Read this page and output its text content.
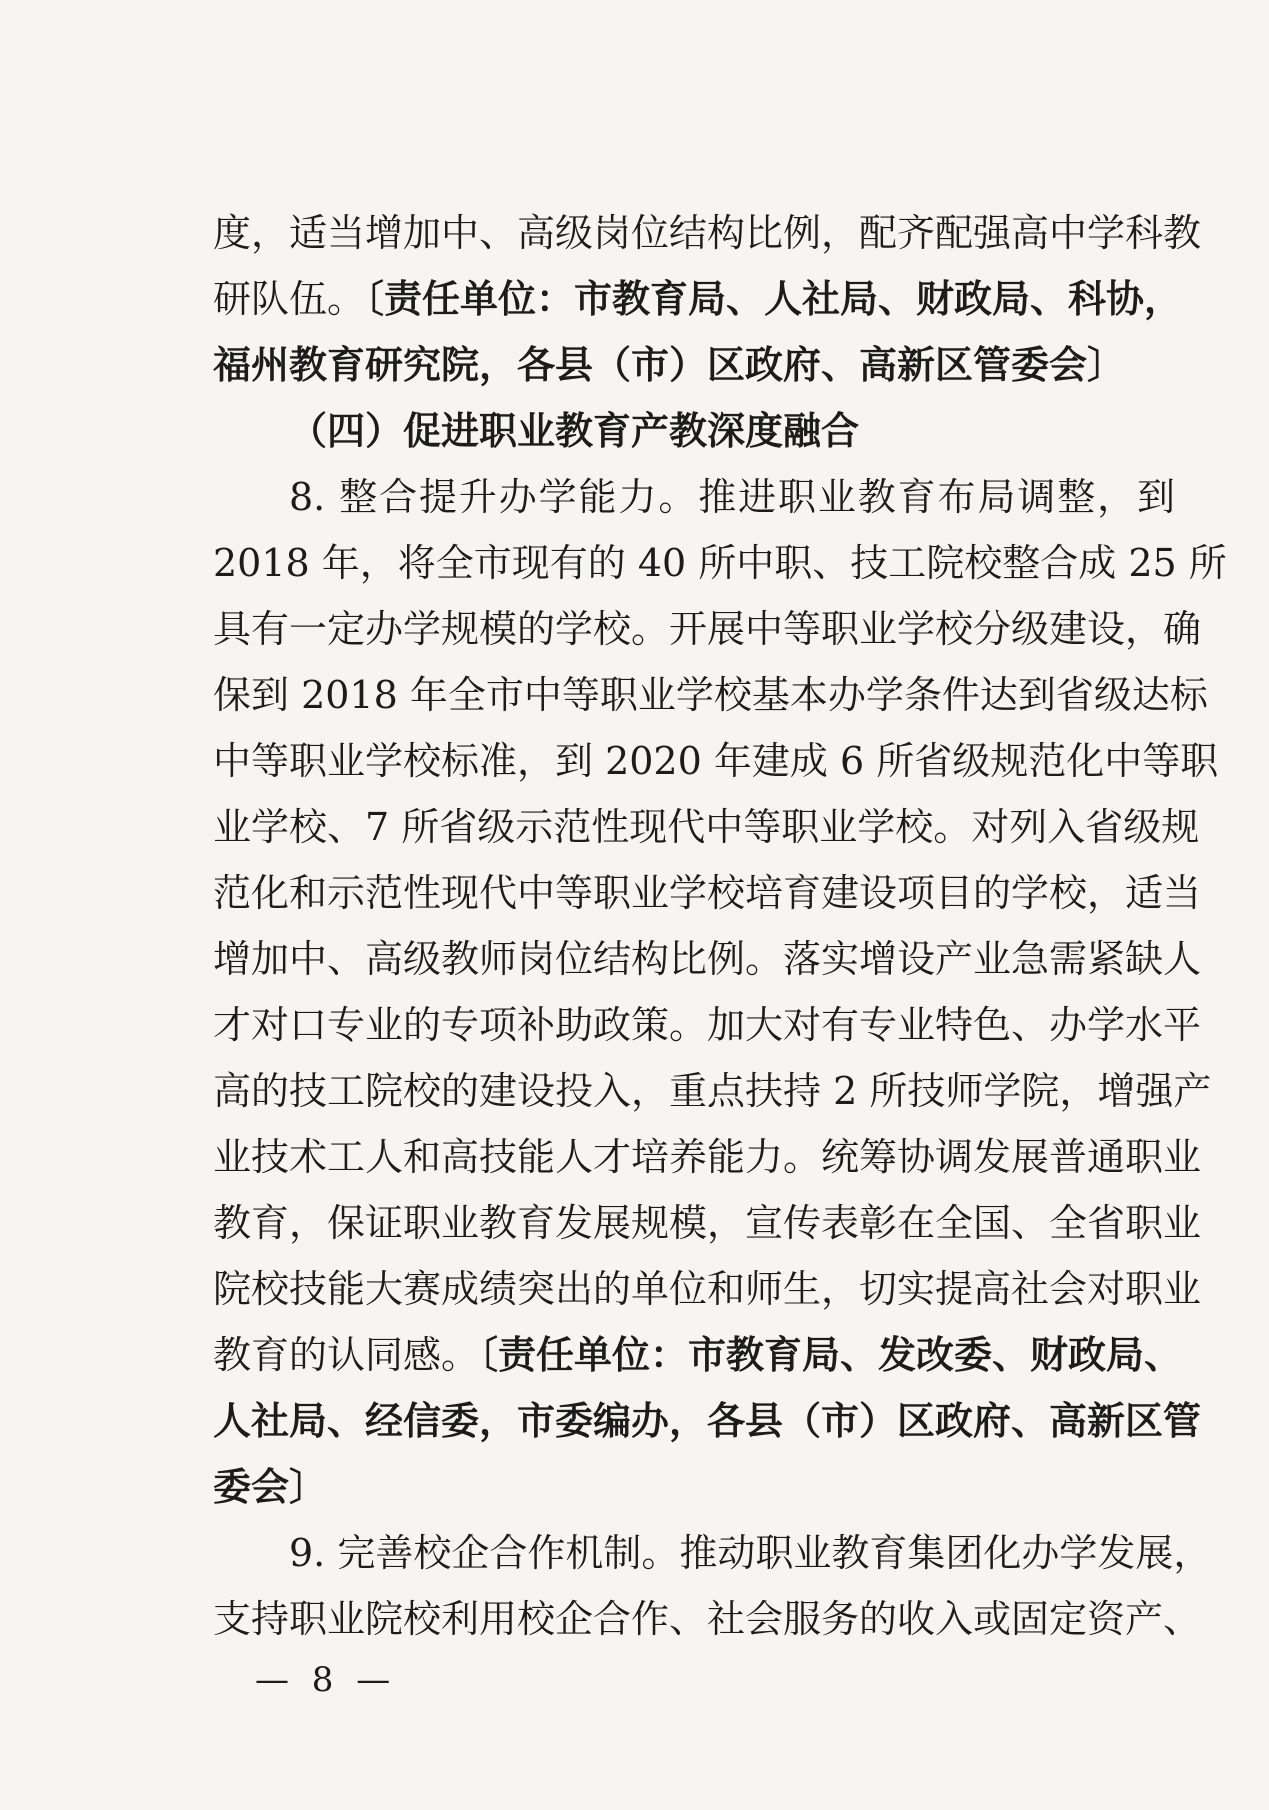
度，适当增加中、高级岗位结构比例，配齐配强高中学科教
研队伍。〔责任单位：市教育局、人社局、财政局、科协，
福州教育研究院，各县（市）区政府、高新区管委会〕
（四）促进职业教育产教深度融合
8. 整合提升办学能力。推进职业教育布局调整，到
2018 年，将全市现有的 40 所中职、技工院校整合成 25 所
具有一定办学规模的学校。开展中等职业学校分级建设，确
保到 2018 年全市中等职业学校基本办学条件达到省级达标
中等职业学校标准，到 2020 年建成 6 所省级规范化中等职
业学校、7 所省级示范性现代中等职业学校。对列入省级规
范化和示范性现代中等职业学校培育建设项目的学校，适当
增加中、高级教师岗位结构比例。落实增设产业急需紧缺人
才对口专业的专项补助政策。加大对有专业特色、办学水平
高的技工院校的建设投入，重点扶持 2 所技师学院，增强产
业技术工人和高技能人才培养能力。统筹协调发展普通职业
教育，保证职业教育发展规模，宣传表彰在全国、全省职业
院校技能大赛成绩突出的单位和师生，切实提高社会对职业
教育的认同感。〔责任单位：市教育局、发改委、财政局、
人社局、经信委，市委编办，各县（市）区政府、高新区管
委会〕
9. 完善校企合作机制。推动职业教育集团化办学发展，
支持职业院校利用校企合作、社会服务的收入或固定资产、
— 8 —
